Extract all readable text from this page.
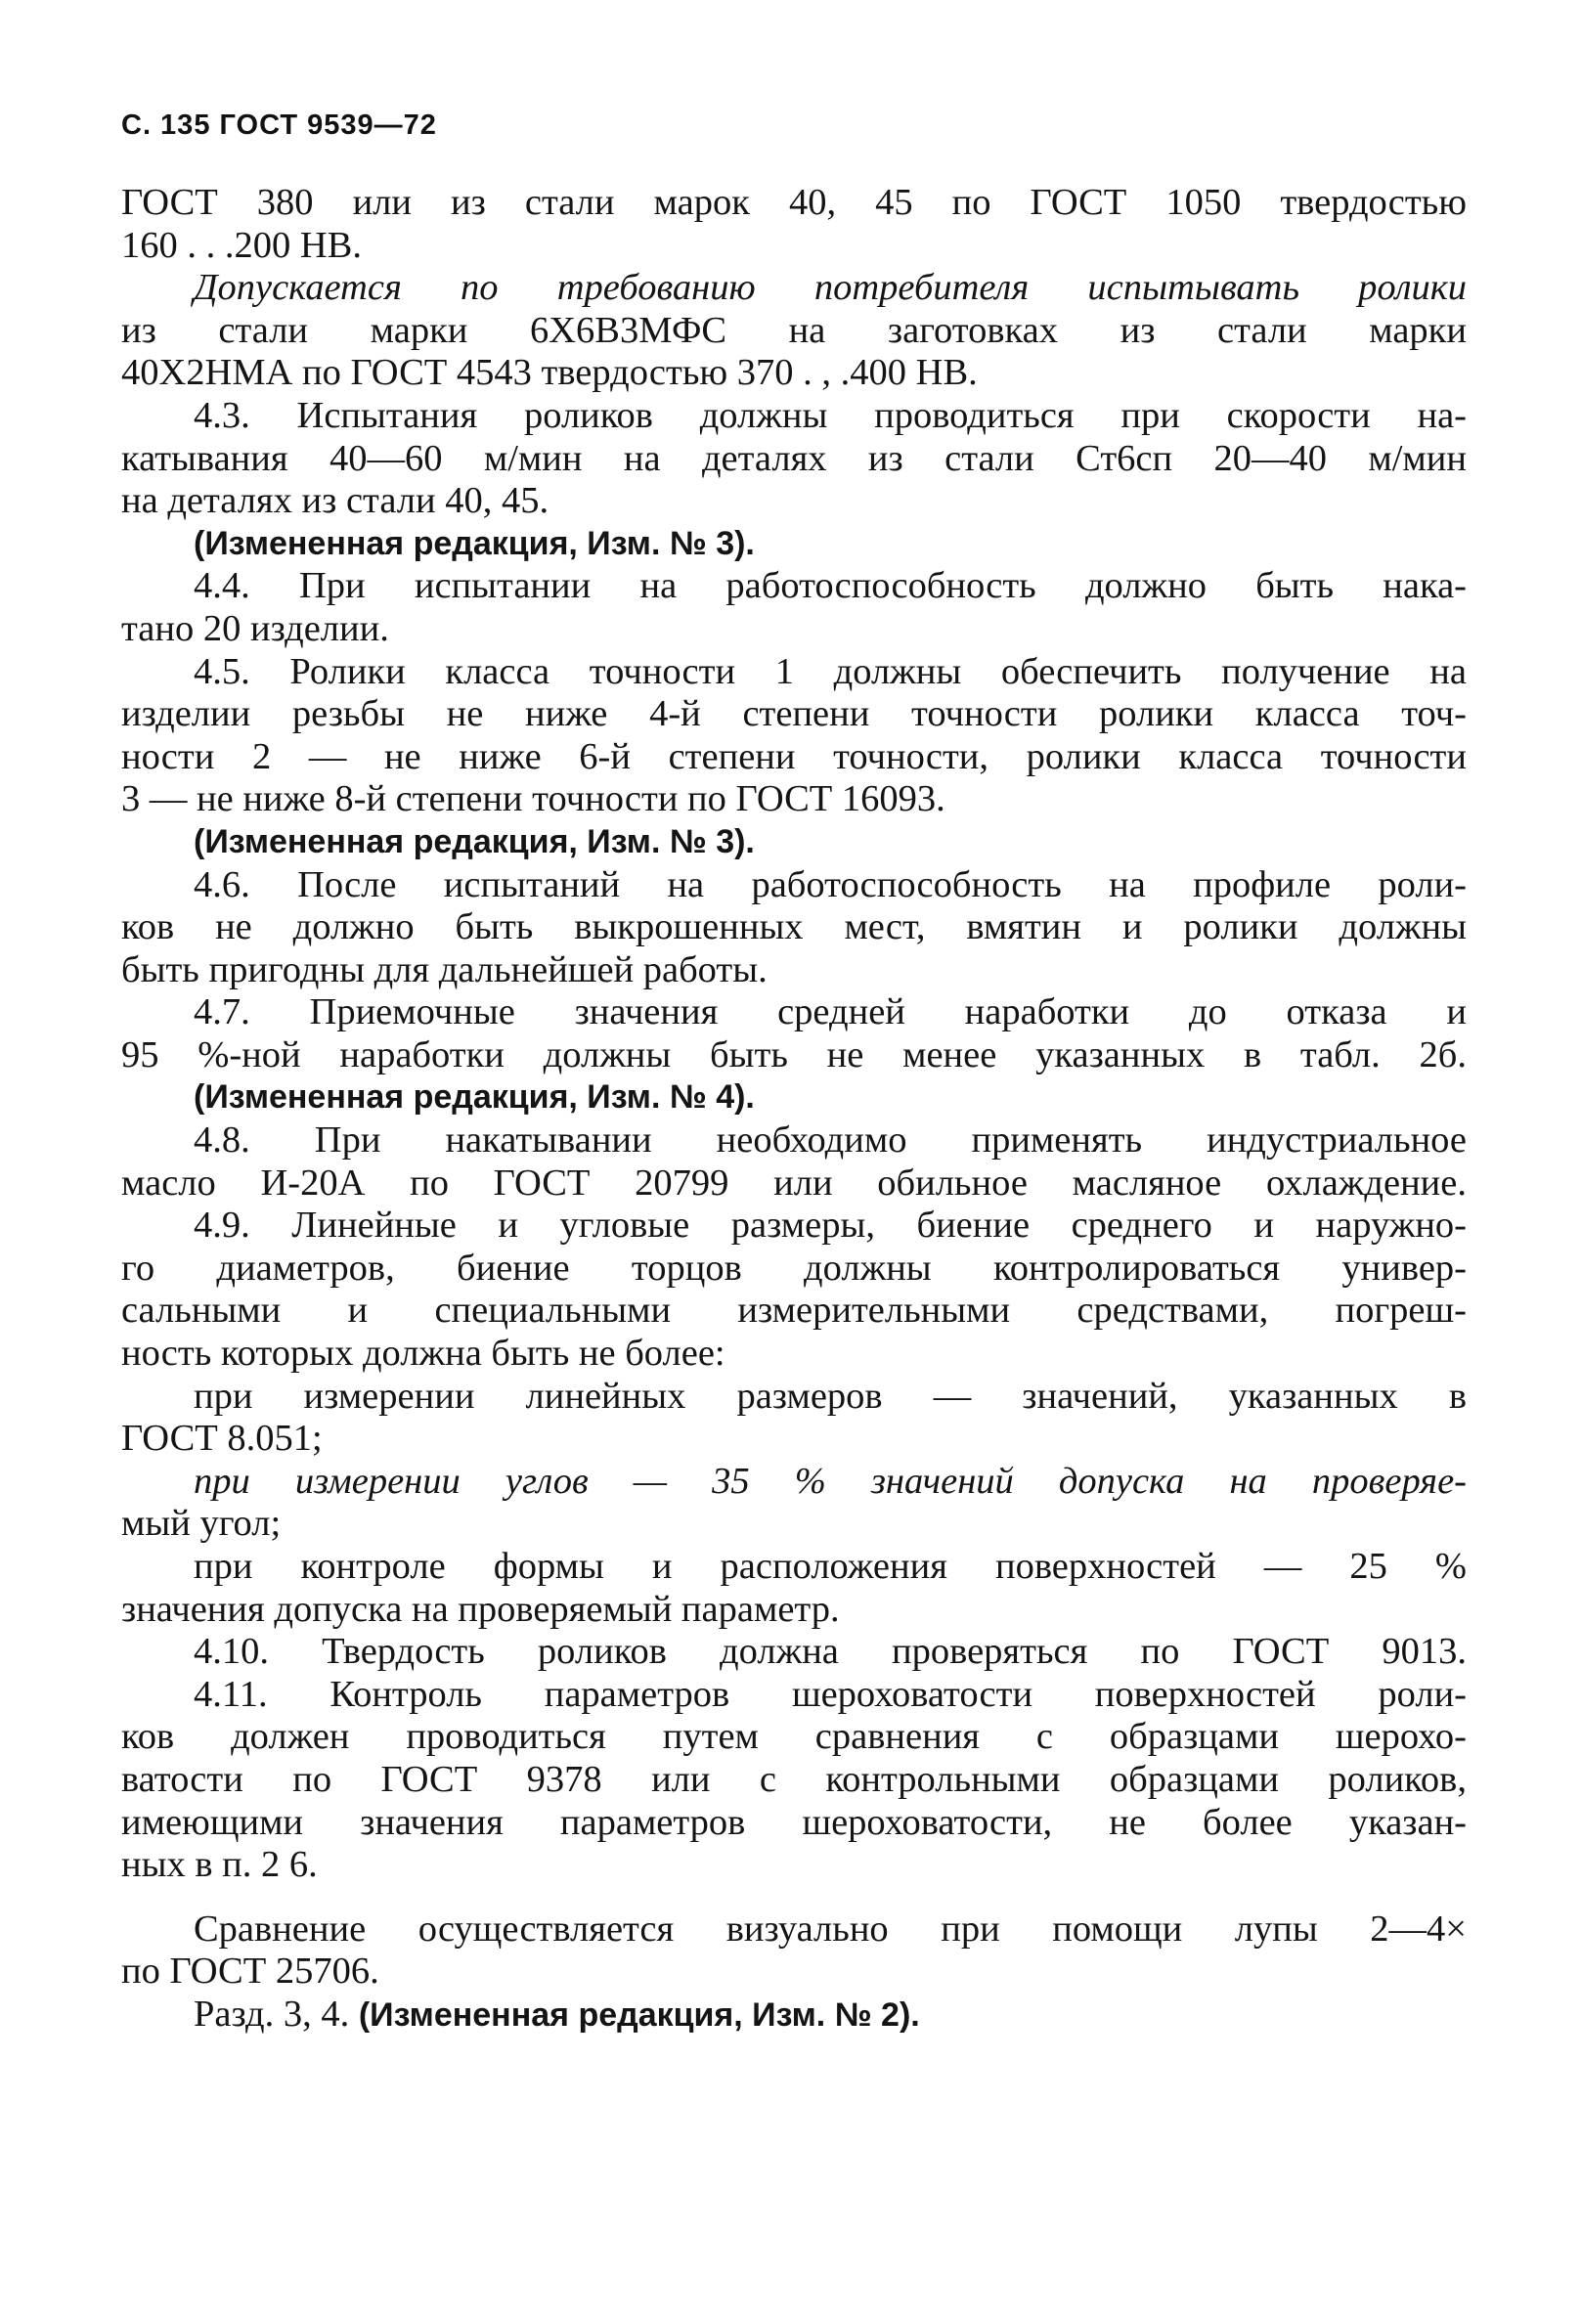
С. 135 ГОСТ 9539—72
ГОСТ 380 или из стали марок 40, 45 по ГОСТ 1050 твердостью
160 . . .200 НВ.
Допускается по требованию потребителя испытывать ролики
из стали марки 6Х6В3МФС на заготовках из стали марки
40Х2НМА по ГОСТ 4543 твердостью 370 . , .400 НВ.
4.3. Испытания роликов должны проводиться при скорости на-
катывания 40—60 м/мин на деталях из стали Ст6сп 20—40 м/мин
на деталях из стали 40, 45.
(Измененная редакция, Изм. № 3).
4.4. При испытании на работоспособность должно быть нака-
тано 20 изделии.
4.5. Ролики класса точности 1 должны обеспечить получение на
изделии резьбы не ниже 4-й степени точности ролики класса точ-
ности 2 — не ниже 6-й степени точности, ролики класса точности
3 — не ниже 8-й степени точности по ГОСТ 16093.
(Измененная редакция, Изм. № 3).
4.6. После испытаний на работоспособность на профиле роли-
ков не должно быть выкрошенных мест, вмятин и ролики должны
быть пригодны для дальнейшей работы.
4.7. Приемочные значения средней наработки до отказа и
95 %-ной наработки должны быть не менее указанных в табл. 2б.
(Измененная редакция, Изм. № 4).
4.8. При накатывании необходимо применять индустриальное
масло И-20А по ГОСТ 20799 или обильное масляное охлаждение.
4.9. Линейные и угловые размеры, биение среднего и наружно-
го диаметров, биение торцов должны контролироваться универ-
сальными и специальными измерительными средствами, погреш-
ность которых должна быть не более:
при измерении линейных размеров — значений, указанных в
ГОСТ 8.051;
при измерении углов — 35 % значений допуска на проверяе-
мый угол;
при контроле формы и расположения поверхностей — 25 %
значения допуска на проверяемый параметр.
4.10. Твердость роликов должна проверяться по ГОСТ 9013.
4.11. Контроль параметров шероховатости поверхностей роли-
ков должен проводиться путем сравнения с образцами шерохо-
ватости по ГОСТ 9378 или с контрольными образцами роликов,
имеющими значения параметров шероховатости, не более указан-
ных в п. 2 6.
Сравнение осуществляется визуально при помощи лупы 2—4×
по ГОСТ 25706.
Разд. 3, 4. (Измененная редакция, Изм. № 2).
